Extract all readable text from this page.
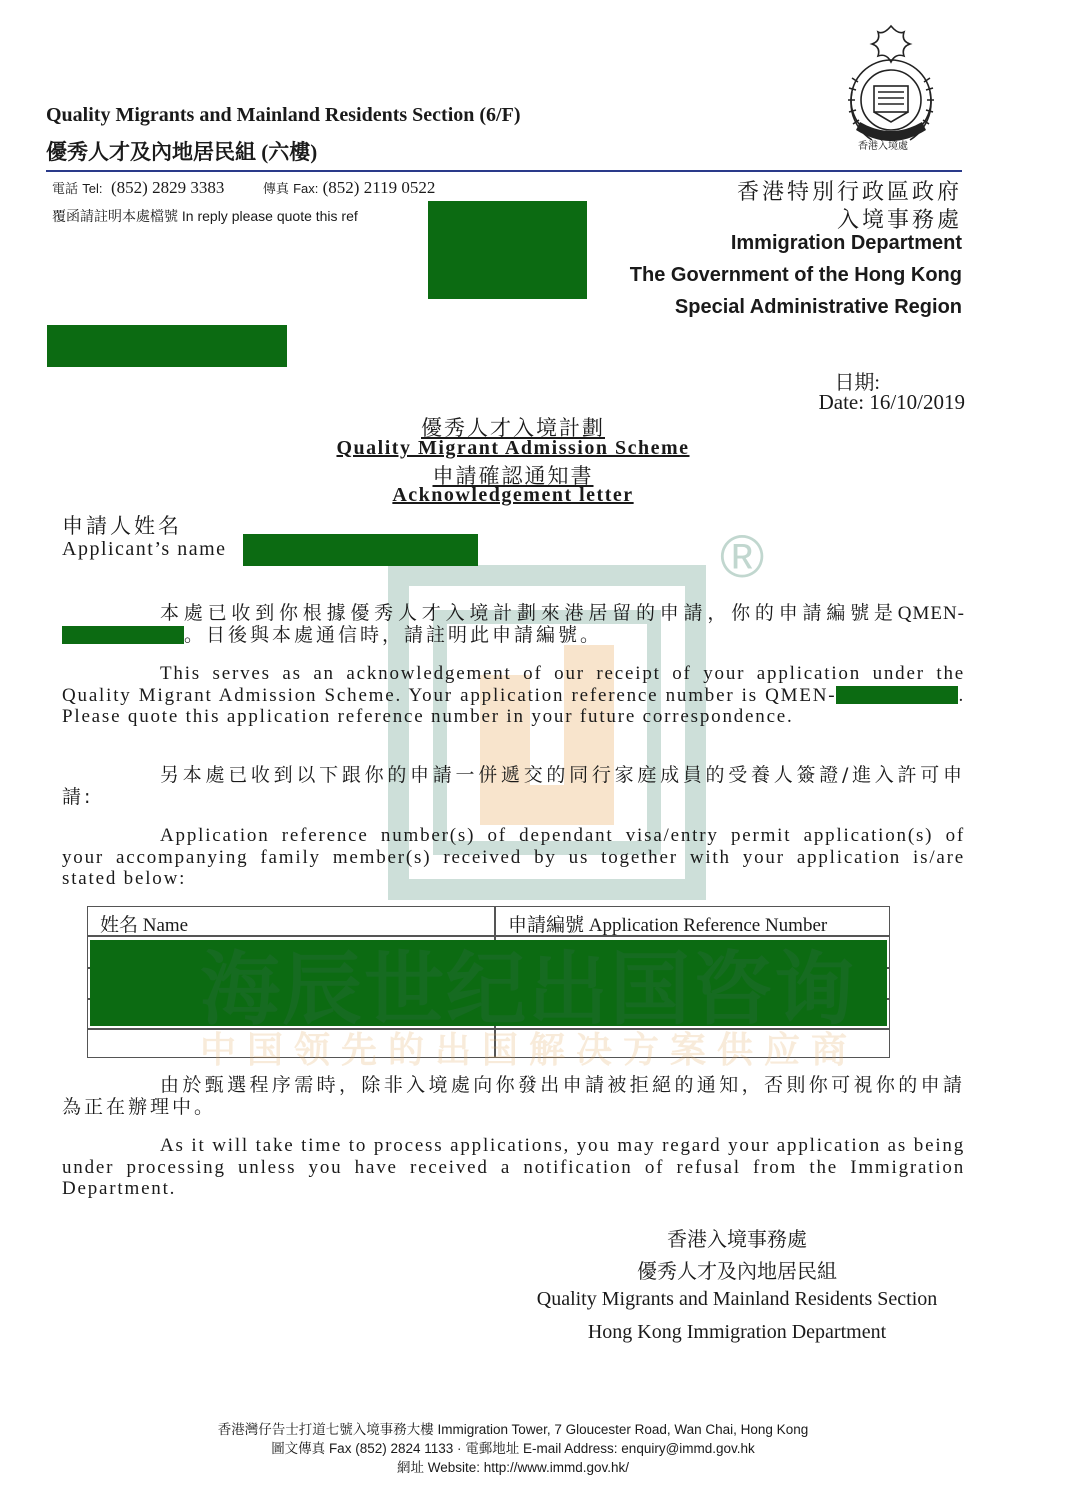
®
香港入境處
Quality Migrants and Mainland Residents Section (6/F)
優秀人才及內地居民組 (六樓)
電話 Tel: (852) 2829 3383	傳真 Fax: (852) 2119 0522
覆函請註明本處檔號 In reply please quote this ref
香港特別行政區政府
入境事務處
Immigration Department
The Government of the Hong Kong
Special Administrative Region
日期:
Date: 16/10/2019
優秀人才入境計劃
Quality Migrant Admission Scheme
申請確認通知書
Acknowledgement letter
申請人姓名
Applicant’s name
本處已收到你根據優秀人才入境計劃來港居留的申請，你的申請編號是QMEN-。日後與本處通信時，請註明此申請編號。
This serves as an acknowledgement of our receipt of your application under the Quality Migrant Admission Scheme. Your application reference number is QMEN-	. Please quote this application reference number in your future correspondence.
另本處已收到以下跟你的申請一併遞交的同行家庭成員的受養人簽證/進入許可申請:
Application reference number(s) of dependant visa/entry permit application(s) of your accompanying family member(s) received by us together with your application is/are stated below:
姓名 Name	申請編號 Application Reference Number
海辰世纪出国咨询
中国领先的出国解决方案供应商
由於甄選程序需時，除非入境處向你發出申請被拒絕的通知，否則你可視你的申請為正在辦理中。
As it will take time to process applications, you may regard your application as being under processing unless you have received a notification of refusal from the Immigration Department.
香港入境事務處
優秀人才及內地居民組
Quality Migrants and Mainland Residents Section
Hong Kong Immigration Department
香港灣仔告士打道七號入境事務大樓 Immigration Tower, 7 Gloucester Road, Wan Chai, Hong Kong
圖文傳真 Fax (852) 2824 1133 · 電郵地址 E-mail Address: enquiry@immd.gov.hk
網址 Website: http://www.immd.gov.hk/
